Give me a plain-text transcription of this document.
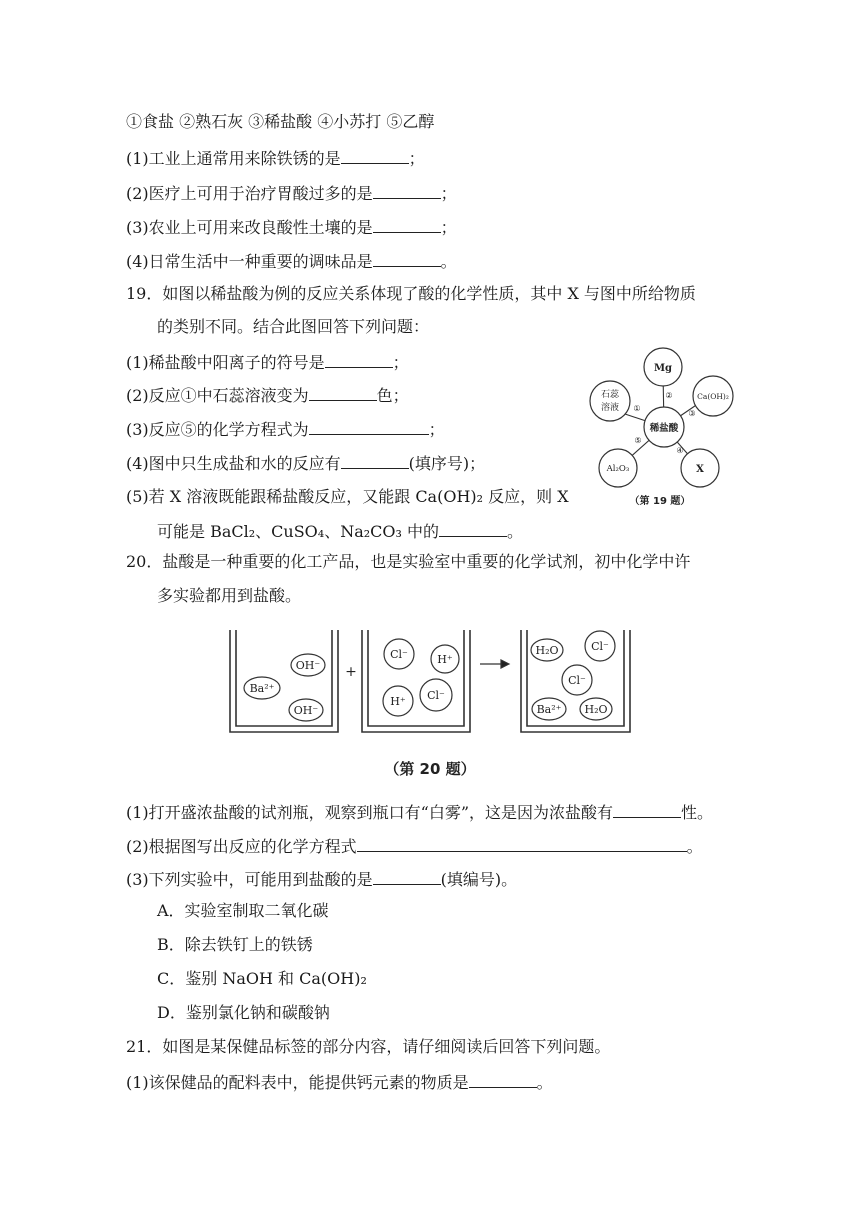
①食盐 ②熟石灰 ③稀盐酸 ④小苏打 ⑤乙醇
(1)工业上通常用来除铁锈的是	；
(2)医疗上可用于治疗胃酸过多的是	；
(3)农业上可用来改良酸性土壤的是	；
(4)日常生活中一种重要的调味品是	。
19．如图以稀盐酸为例的反应关系体现了酸的化学性质，其中 X 与图中所给物质
的类别不同。结合此图回答下列问题：
(1)稀盐酸中阳离子的符号是	；
(2)反应①中石蕊溶液变为	色；
(3)反应⑤的化学方程式为	；
(4)图中只生成盐和水的反应有	(填序号)；
(5)若 X 溶液既能跟稀盐酸反应，又能跟 Ca(OH)₂ 反应，则 X
可能是 BaCl₂、CuSO₄、Na₂CO₃ 中的	。
Mg
石蕊
溶液
Ca(OH)₂
稀盐酸
Al₂O₃	X
①
②
③
④
⑤
（第 19 题）
20．盐酸是一种重要的化工产品，也是实验室中重要的化学试剂，初中化学中许
多实验都用到盐酸。
+
OH⁻
Ba²⁺
OH⁻
Cl⁻	H⁺
H⁺ Cl⁻
H₂O	Cl⁻
Cl⁻
Ba²⁺ H₂O
（第 20 题）
(1)打开盛浓盐酸的试剂瓶，观察到瓶口有“白雾”，这是因为浓盐酸有	性。
(2)根据图写出反应的化学方程式	。
(3)下列实验中，可能用到盐酸的是	(填编号)。
A．实验室制取二氧化碳
B．除去铁钉上的铁锈
C．鉴别 NaOH 和 Ca(OH)₂
D．鉴别氯化钠和碳酸钠
21．如图是某保健品标签的部分内容，请仔细阅读后回答下列问题。
(1)该保健品的配料表中，能提供钙元素的物质是	。
